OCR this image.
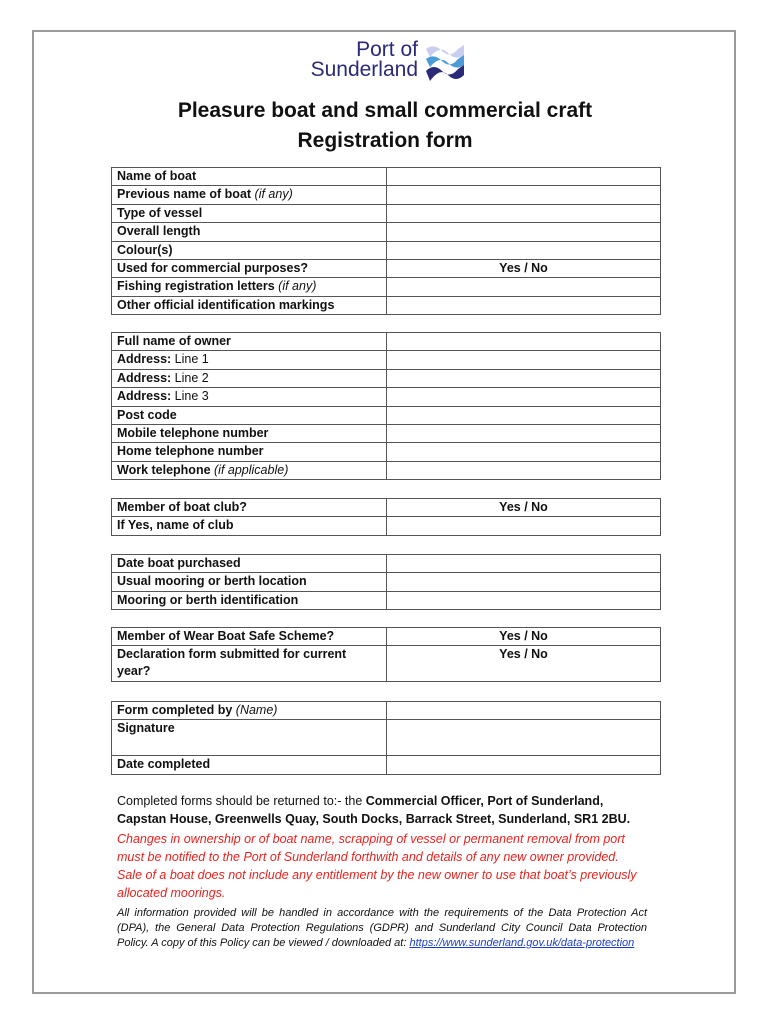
Port of
Sunderland
Pleasure boat and small commercial craft
Registration form
Name of boat	
Previous name of boat (if any)	
Type of vessel	
Overall length	
Colour(s)	
Used for commercial purposes?	Yes / No
Fishing registration letters (if any)	
Other official identification markings	
Full name of owner	
Address: Line 1	
Address: Line 2	
Address: Line 3	
Post code	
Mobile telephone number	
Home telephone number	
Work telephone (if applicable)	
Member of boat club?	Yes / No
If Yes, name of club	
Date boat purchased	
Usual mooring or berth location	
Mooring or berth identification	
Member of Wear Boat Safe Scheme?	Yes / No
Declaration form submitted for current year?	Yes / No
Form completed by (Name)	
Signature	
Date completed	
Completed forms should be returned to:- the Commercial Officer, Port of Sunderland, Capstan House, Greenwells Quay, South Docks, Barrack Street, Sunderland, SR1 2BU.
Changes in ownership or of boat name, scrapping of vessel or permanent removal from port must be notified to the Port of Sunderland forthwith and details of any new owner provided. Sale of a boat does not include any entitlement by the new owner to use that boat’s previously allocated moorings.
All information provided will be handled in accordance with the requirements of the Data Protection Act (DPA), the General Data Protection Regulations (GDPR) and Sunderland City Council Data Protection Policy. A copy of this Policy can be viewed / downloaded at: https://www.sunderland.gov.uk/data-protection
